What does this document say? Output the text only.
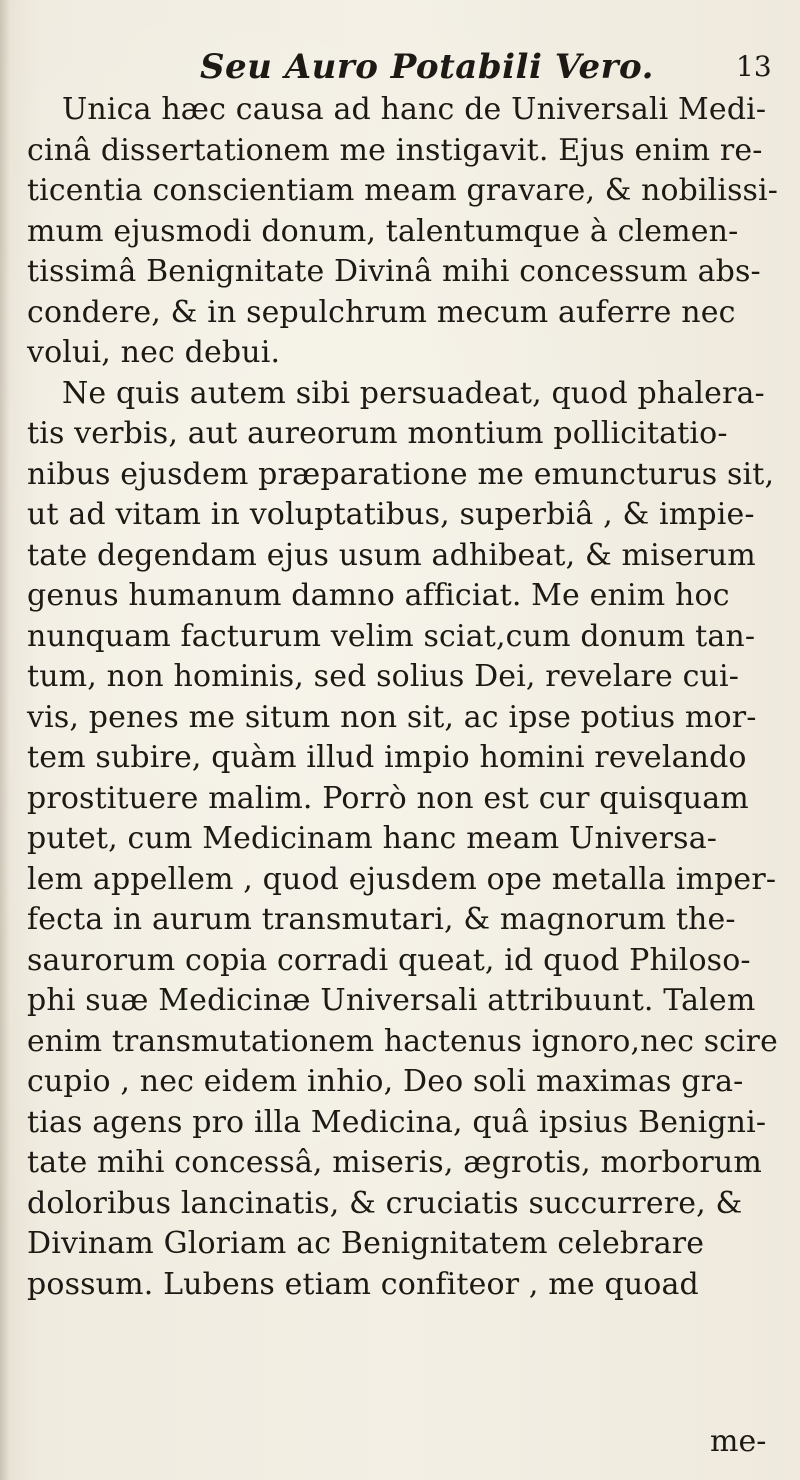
Seu Auro Potabili Vero.	13
Unica hæc causa ad hanc de Universali Medi-
cinâ dissertationem me instigavit. Ejus enim re-
ticentia conscientiam meam gravare, & nobilissi-
mum ejusmodi donum, talentumque à clemen-
tissimâ Benignitate Divinâ mihi concessum abs-
condere, & in sepulchrum mecum auferre nec
volui, nec debui.
Ne quis autem sibi persuadeat, quod phalera-
tis verbis, aut aureorum montium pollicitatio-
nibus ejusdem præparatione me emuncturus sit,
ut ad vitam in voluptatibus, superbiâ , & impie-
tate degendam ejus usum adhibeat, & miserum
genus humanum damno afficiat. Me enim hoc
nunquam facturum velim sciat,cum donum tan-
tum, non hominis, sed solius Dei, revelare cui-
vis, penes me situm non sit, ac ipse potius mor-
tem subire, quàm illud impio homini revelando
prostituere malim. Porrò non est cur quisquam
putet, cum Medicinam hanc meam Universa-
lem appellem , quod ejusdem ope metalla imper-
fecta in aurum transmutari, & magnorum the-
saurorum copia corradi queat, id quod Philoso-
phi suæ Medicinæ Universali attribuunt. Talem
enim transmutationem hactenus ignoro,nec scire
cupio , nec eidem inhio, Deo soli maximas gra-
tias agens pro illa Medicina, quâ ipsius Benigni-
tate mihi concessâ, miseris, ægrotis, morborum
doloribus lancinatis, & cruciatis succurrere, &
Divinam Gloriam ac Benignitatem celebrare
possum. Lubens etiam confiteor , me quoad
me-
